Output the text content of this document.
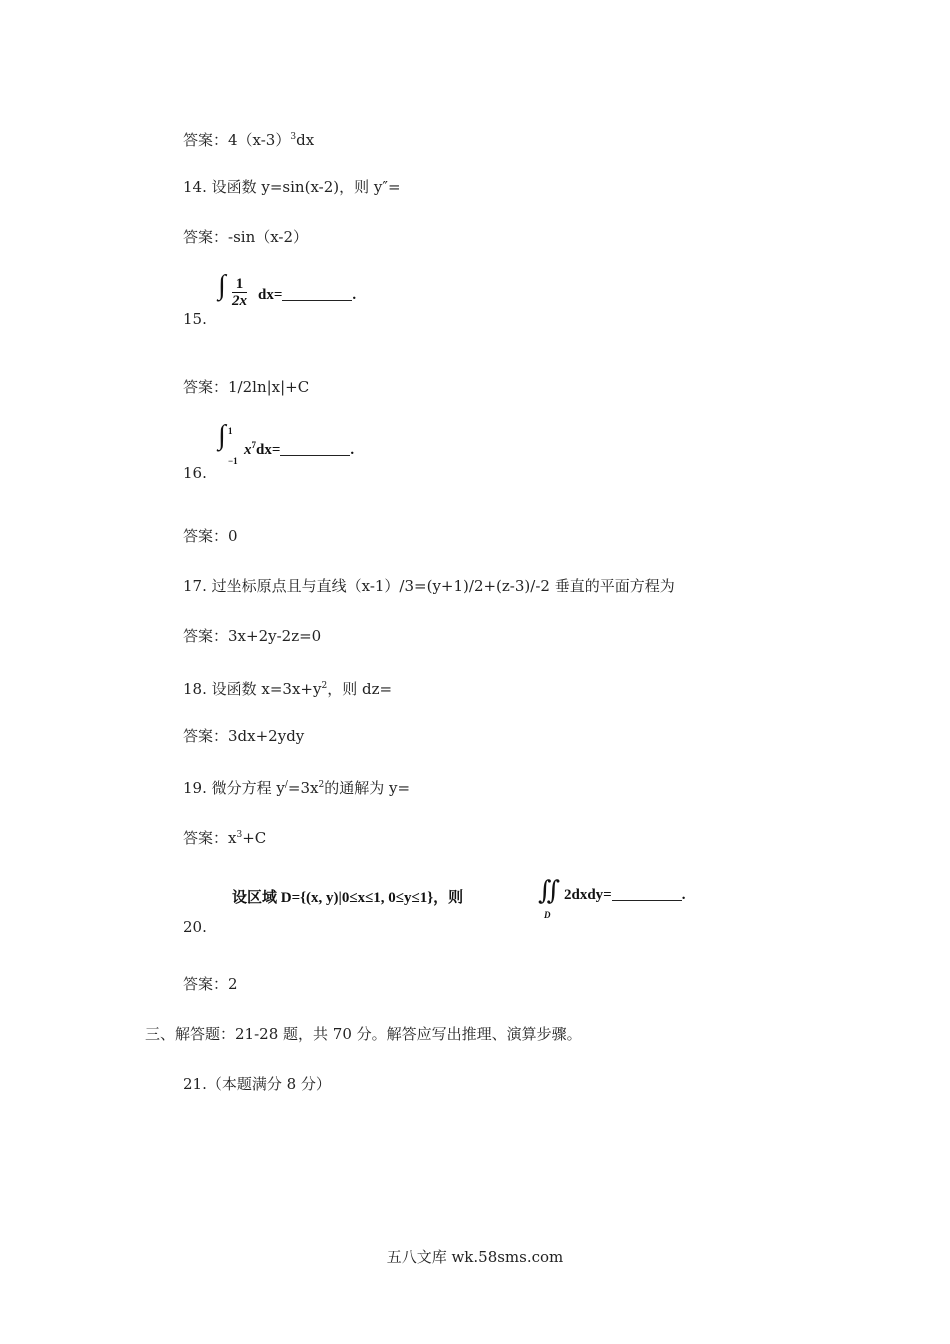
答案：$4(x-3)^3dx$
14. 设函数 y=sin(x-2)，则 y″=
答案：-sin（x-2）
∫ $\frac{1}{2x} dx=$	.
15.
答案：1/2ln|x|+C
∫ 1
−1
$x^7dx=$	.
16.
答案：0
17. 过坐标原点且与直线（x-1）/3=(y+1)/2+(z-3)/-2 垂直的平面方程为
答案：3x+2y-2z=0
18. 设函数 $x=3x+y^2$，则 dz=
答案：3dx+2ydy
19. 微分方程 $y^/=3x^2$的通解为 y=
答案：$x^3+C$
设区域 D={(x, y)|0≤x≤1, 0≤y≤1}，则	∬
D
2dxdy=	.
20.
答案：2
三、解答题：21-28 题，共 70 分。解答应写出推理、演算步骤。
21.（本题满分 8 分）
五八文库 wk.58sms.com
